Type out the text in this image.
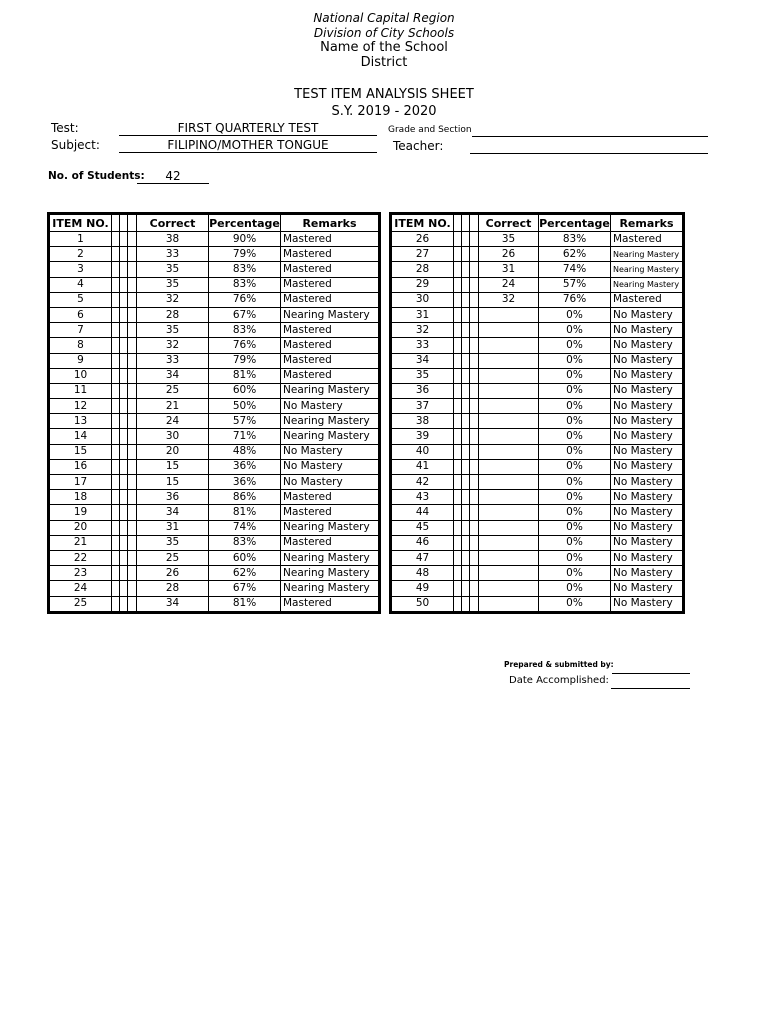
National Capital Region
Division of City Schools
Name of the School
District
TEST ITEM ANALYSIS SHEET
S.Y. 2019 - 2020
Test:	FIRST QUARTERLY TEST
Subject:	FILIPINO/MOTHER TONGUE
Grade and Section
Teacher:
No. of Students:	42
ITEM NO.				Correct	Percentage	Remarks
1				38	90%	Mastered
2				33	79%	Mastered
3				35	83%	Mastered
4				35	83%	Mastered
5				32	76%	Mastered
6				28	67%	Nearing Mastery
7				35	83%	Mastered
8				32	76%	Mastered
9				33	79%	Mastered
10				34	81%	Mastered
11				25	60%	Nearing Mastery
12				21	50%	No Mastery
13				24	57%	Nearing Mastery
14				30	71%	Nearing Mastery
15				20	48%	No Mastery
16				15	36%	No Mastery
17				15	36%	No Mastery
18				36	86%	Mastered
19				34	81%	Mastered
20				31	74%	Nearing Mastery
21				35	83%	Mastered
22				25	60%	Nearing Mastery
23				26	62%	Nearing Mastery
24				28	67%	Nearing Mastery
25				34	81%	Mastered
ITEM NO.				Correct	Percentage	Remarks
26				35	83%	Mastered
27				26	62%	Nearing Mastery
28				31	74%	Nearing Mastery
29				24	57%	Nearing Mastery
30				32	76%	Mastered
31					0%	No Mastery
32					0%	No Mastery
33					0%	No Mastery
34					0%	No Mastery
35					0%	No Mastery
36					0%	No Mastery
37					0%	No Mastery
38					0%	No Mastery
39					0%	No Mastery
40					0%	No Mastery
41					0%	No Mastery
42					0%	No Mastery
43					0%	No Mastery
44					0%	No Mastery
45					0%	No Mastery
46					0%	No Mastery
47					0%	No Mastery
48					0%	No Mastery
49					0%	No Mastery
50					0%	No Mastery
Prepared & submitted by:
Date Accomplished:
